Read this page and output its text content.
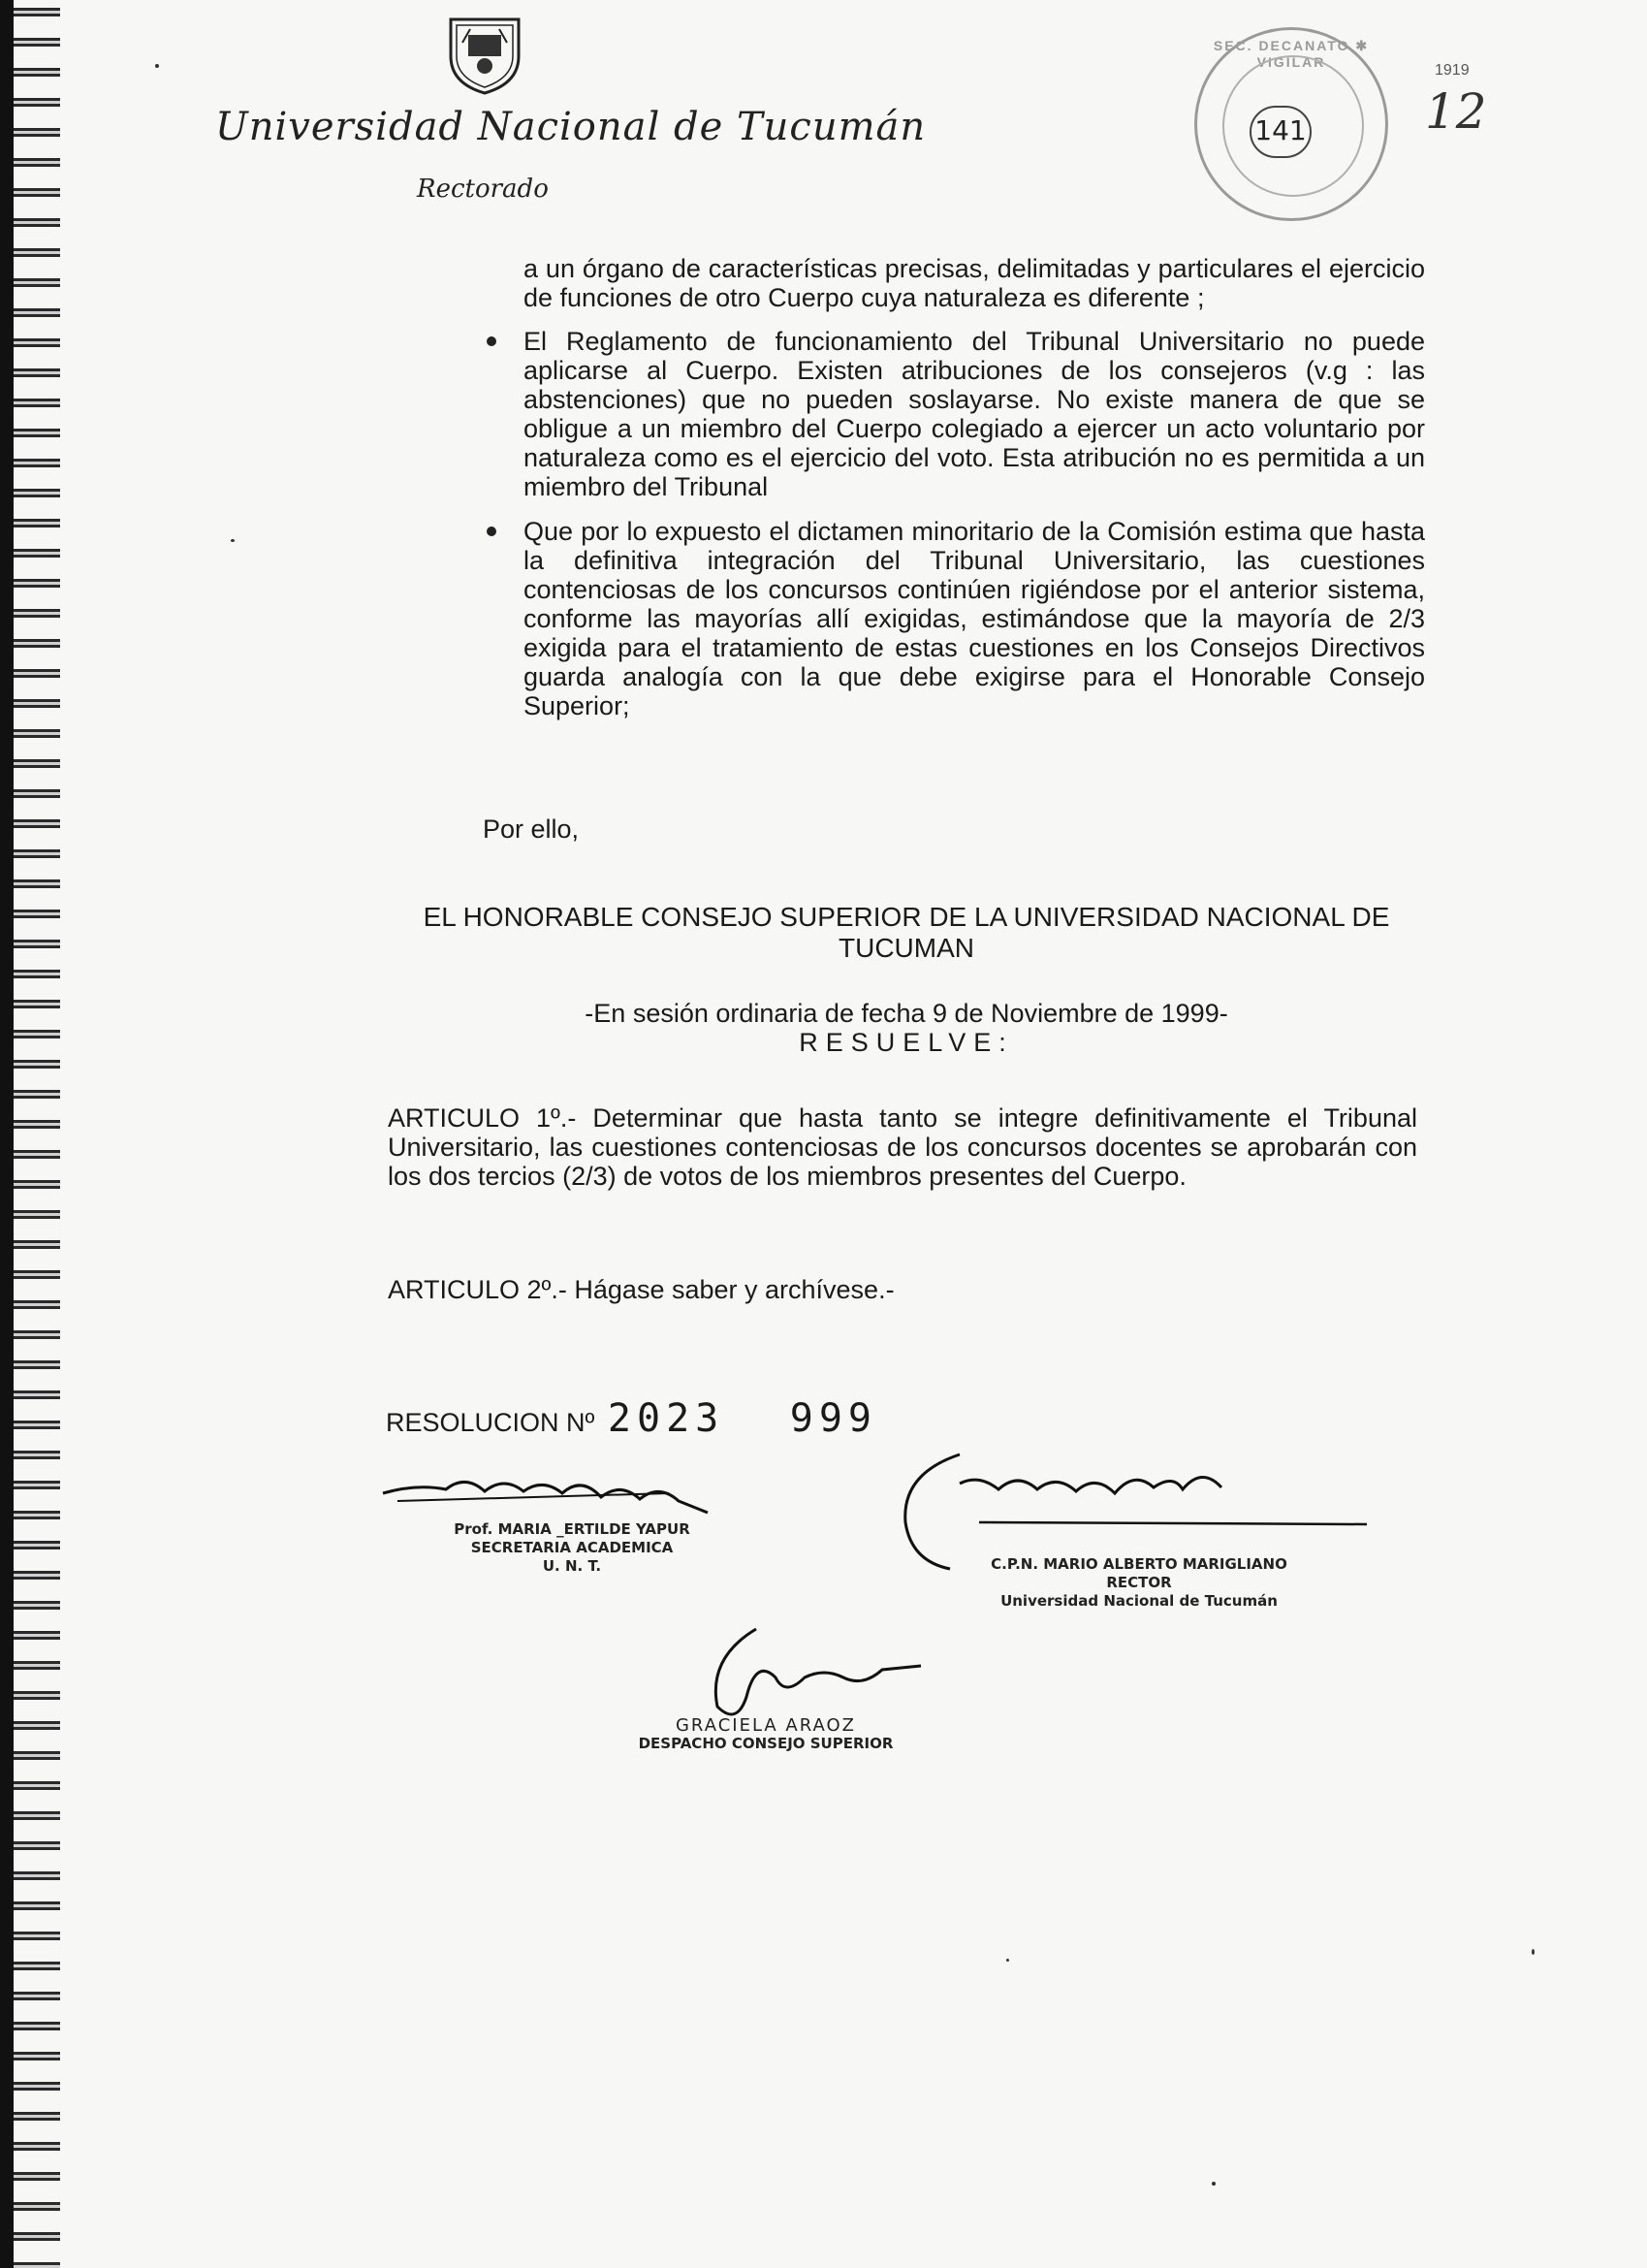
Universidad Nacional de Tucumán
Rectorado
SEC. DECANATO ✱ VIGILAR
141
1919
12
a un órgano de características precisas, delimitadas y particulares el ejercicio de funciones de otro Cuerpo cuya naturaleza es diferente ;
El Reglamento de funcionamiento del Tribunal Universitario no puede aplicarse al Cuerpo. Existen atribuciones de los consejeros (v.g : las abstenciones) que no pueden soslayarse. No existe manera de que se obligue a un miembro del Cuerpo colegiado a ejercer un acto voluntario por naturaleza como es el ejercicio del voto. Esta atribución no es permitida a un miembro del Tribunal
Que por lo expuesto el dictamen minoritario de la Comisión estima que hasta la definitiva integración del Tribunal Universitario, las cuestiones contenciosas de los concursos continúen rigiéndose por el anterior sistema, conforme las mayorías allí exigidas, estimándose que la mayoría de 2/3 exigida para el tratamiento de estas cuestiones en los Consejos Directivos guarda analogía con la que debe exigirse para el Honorable Consejo Superior;
Por ello,
EL HONORABLE CONSEJO SUPERIOR DE LA UNIVERSIDAD NACIONAL DE
TUCUMAN
-En sesión ordinaria de fecha 9 de Noviembre de 1999-
RESUELVE:
ARTICULO 1º.- Determinar que hasta tanto se integre definitivamente el Tribunal Universitario, las cuestiones contenciosas de los concursos docentes se aprobarán con los dos tercios (2/3) de votos de los miembros presentes del Cuerpo.
ARTICULO 2º.- Hágase saber y archívese.-
RESOLUCION Nº 2023 999
Prof. MARIA _ERTILDE YAPUR
SECRETARIA ACADEMICA
U. N. T.	C.P.N. MARIO ALBERTO MARIGLIANO
RECTOR
Universidad Nacional de Tucumán
GRACIELA ARAOZ
DESPACHO CONSEJO SUPERIOR
